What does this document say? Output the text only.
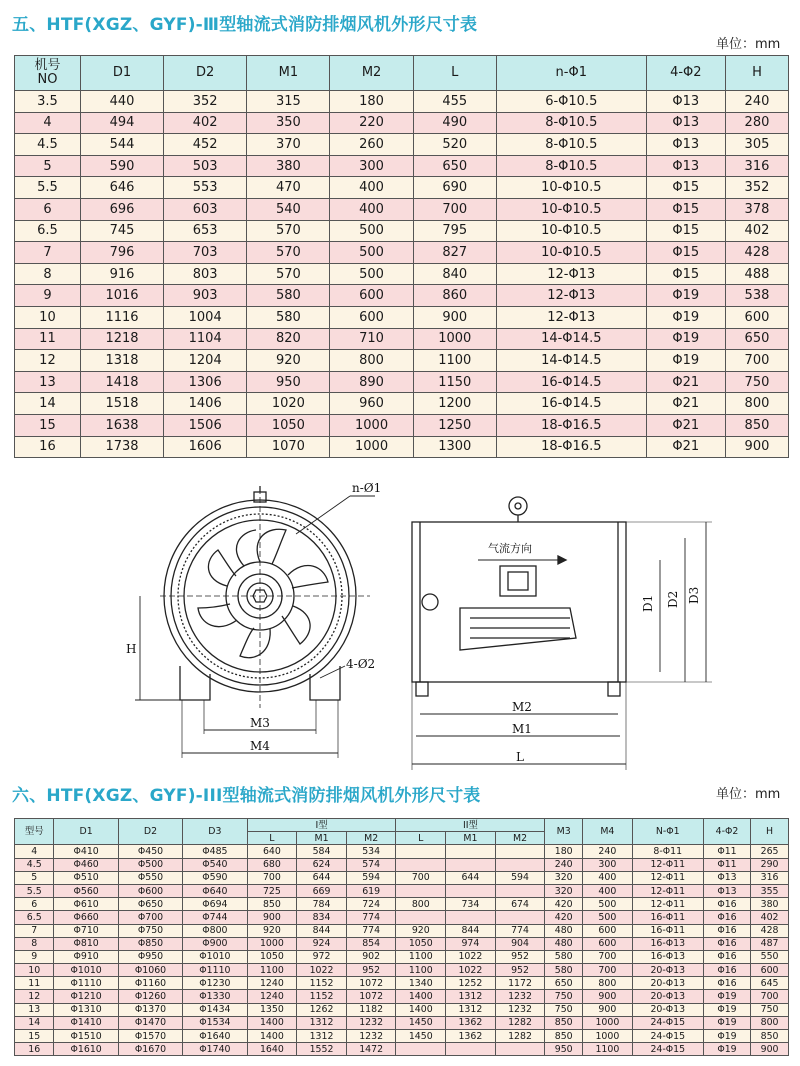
五、HTF(XGZ、GYF)-Ⅲ型轴流式消防排烟风机外形尺寸表
单位：mm
机号
NO	D1	D2	M1	M2	L	n-Φ1	4-Φ2	H
3.5	440	352	315	180	455	6-Φ10.5	Φ13	240
4	494	402	350	220	490	8-Φ10.5	Φ13	280
4.5	544	452	370	260	520	8-Φ10.5	Φ13	305
5	590	503	380	300	650	8-Φ10.5	Φ13	316
5.5	646	553	470	400	690	10-Φ10.5	Φ15	352
6	696	603	540	400	700	10-Φ10.5	Φ15	378
6.5	745	653	570	500	795	10-Φ10.5	Φ15	402
7	796	703	570	500	827	10-Φ10.5	Φ15	428
8	916	803	570	500	840	12-Φ13	Φ15	488
9	1016	903	580	600	860	12-Φ13	Φ19	538
10	1116	1004	580	600	900	12-Φ13	Φ19	600
11	1218	1104	820	710	1000	14-Φ14.5	Φ19	650
12	1318	1204	920	800	1100	14-Φ14.5	Φ19	700
13	1418	1306	950	890	1150	16-Φ14.5	Φ21	750
14	1518	1406	1020	960	1200	16-Φ14.5	Φ21	800
15	1638	1506	1050	1000	1250	18-Φ16.5	Φ21	850
16	1738	1606	1070	1000	1300	18-Φ16.5	Φ21	900
n-Ø1
4-Ø2
H
M3
M4
气流方向
D1 D2 D3
M2
M1
L
六、HTF(XGZ、GYF)-III型轴流式消防排烟风机外形尺寸表	单位：mm
型号	D1	D2	D3	I型			II型			M3	M4	N-Φ1	4-Φ2	H
				L	M1	M2	L	M1	M2					
4	Φ410	Φ450	Φ485	640	584	534				180	240	8-Φ11	Φ11	265
4.5	Φ460	Φ500	Φ540	680	624	574				240	300	12-Φ11	Φ11	290
5	Φ510	Φ550	Φ590	700	644	594	700	644	594	320	400	12-Φ11	Φ13	316
5.5	Φ560	Φ600	Φ640	725	669	619				320	400	12-Φ11	Φ13	355
6	Φ610	Φ650	Φ694	850	784	724	800	734	674	420	500	12-Φ11	Φ16	380
6.5	Φ660	Φ700	Φ744	900	834	774				420	500	16-Φ11	Φ16	402
7	Φ710	Φ750	Φ800	920	844	774	920	844	774	480	600	16-Φ11	Φ16	428
8	Φ810	Φ850	Φ900	1000	924	854	1050	974	904	480	600	16-Φ13	Φ16	487
9	Φ910	Φ950	Φ1010	1050	972	902	1100	1022	952	580	700	16-Φ13	Φ16	550
10	Φ1010	Φ1060	Φ1110	1100	1022	952	1100	1022	952	580	700	20-Φ13	Φ16	600
11	Φ1110	Φ1160	Φ1230	1240	1152	1072	1340	1252	1172	650	800	20-Φ13	Φ16	645
12	Φ1210	Φ1260	Φ1330	1240	1152	1072	1400	1312	1232	750	900	20-Φ13	Φ19	700
13	Φ1310	Φ1370	Φ1434	1350	1262	1182	1400	1312	1232	750	900	20-Φ13	Φ19	750
14	Φ1410	Φ1470	Φ1534	1400	1312	1232	1450	1362	1282	850	1000	24-Φ15	Φ19	800
15	Φ1510	Φ1570	Φ1640	1400	1312	1232	1450	1362	1282	850	1000	24-Φ15	Φ19	850
16	Φ1610	Φ1670	Φ1740	1640	1552	1472				950	1100	24-Φ15	Φ19	900
